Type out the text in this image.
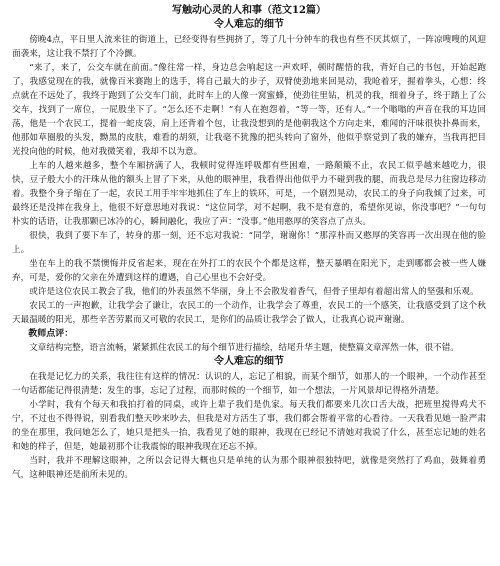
写触动心灵的人和事（范文12篇）

令人难忘的细节

傍晚4点，平日里人流来往的街道上，已经变得有些拥挤了，等了几十分钟车的我也有些不厌其烦了，一阵凉嗖嗖的风迎面袭来，这让我不禁打了个冷颤。

“来了，来了，公交车就在前面。”像往常一样，身边总会响起这一声欢呼，顿时醒悟的我，背好自己的书包，开始起跑了，我感觉现在的我，就像百米赛跑上的选手，将自己最大的步子，双臂使劲地来回晃动，我呛着牙，握着拳头，心想：终点就在不远处了，我终于跑到了公交车门前，此时车上的人像一窝蜜蜂，使劲往里钻，机灵的我，细着身子，终于踏上了公交车，找到了一席位，一屁股坐下了。“怎么还不走啊！”有人在抱怨着，“等一等，还有人。”一个嗡嗡的声音在我的耳边回荡，他是一个农民工，提着一蛇皮袋，肩上还背着个包，让我没想到的是他朝我这个方向走来，难闻的汗味很快扑鼻而来，他那如草圈般的头发，黝黑的皮肤，难看的胡须，让我毫不犹豫的把头转向了窗外，他似乎察觉到了我的嫌弃，当我再把目光投向他的时候，他对我微笑着，我却不以为意。

上车的人越来越多，整个车厢挤满了人，我顿时觉得连呼吸都有些困难，一路颠簸不止，农民工似乎越来越吃力，很快，豆子般大小的汗珠从他的额头上冒了下来，从他的眼神里，我看得出他似乎力不碰到我的腿，而我总是尽力往窗边移动着。我整个身子缩在了一起，农民工用手牢牢地抓住了车上的铁环，可是，一个剧烈晃动，农民工的身子向我倾了过来，可最终还是没摔在我身上，他很不好意思地对我说：“这位同学，对不起啊，我不是有意的，希望你见谅，你没事吧？”一句句朴实的话语，让我那颗已冰冷的心，瞬间融化，我应了声：“没事。”他用憨厚的笑容点了点头。

很快，我到了要下车了，转身的那一刻，还不忘对我说：“同学，谢谢你！”那淳朴而又憨厚的笑容再一次出现在他的脸上。

坐在车上的我不禁懊悔并反省起来，现在在外打工的农民个个都是这样，整天暴晒在阳光下，走到哪都会被一些人嫌弃，可是，爱你的父亲在外遭到这样的遭遇，自己心里也不会好受。

或许是这位农民工教会了我，他们的外表虽然不华丽，身上不会散发着香气，但骨子里却有着超出常人的坚强和乐观。

农民工的一声抱歉，让我学会了谦让，农民工的一个动作，让我学会了尊重，农民工的一个感笑，让我感受到了这个秋天最温暖的阳光，那些辛苦劳累而又可敬的农民工，是你们的品质让我学会了做人，让我真心说声谢谢。

教师点评：

文章结构完整，语言流畅，紧紧抓住农民工的每个细节进行描绘，结尾升华主题，使整篇文章浑然一体，很不错。

令人难忘的细节

在我是记忆力的关系，我往往有这样的情况：认识的人，忘记了相貌，而某个细节，如那人的一个眼神，一个动作甚至一句话都能记得很清楚；发生的事，忘记了过程，而那时候的一个细节，如一个想法，一片风景却记得格外清楚。

小学时，我有个每天和我拍打着的同桌，或许上辈子我们是仇家。每天我们都要来几次口舌大战，把班里搅得鸡犬不宁，不过也不得得说，别看我们整天吵来吵去，但我是对方活生了事，我们都会帮着平常的心看待。一天我看见她一脸严肃的坐在那里，我问她怎么了，她只是把头一抬，我看见了她的眼神，我现在已经记不清她对我说了什么，甚至忘记她的姓名和她的样子，但是，她最初那个让我震惊的眼神我现在还忘不掉。

当时，我并不理解这眼神，之所以会记得大概也只是单纯的认为那个眼神很独特吧，就像是突然打了鸡血，鼓舞着勇气，这种眼神还是前所未见的。
